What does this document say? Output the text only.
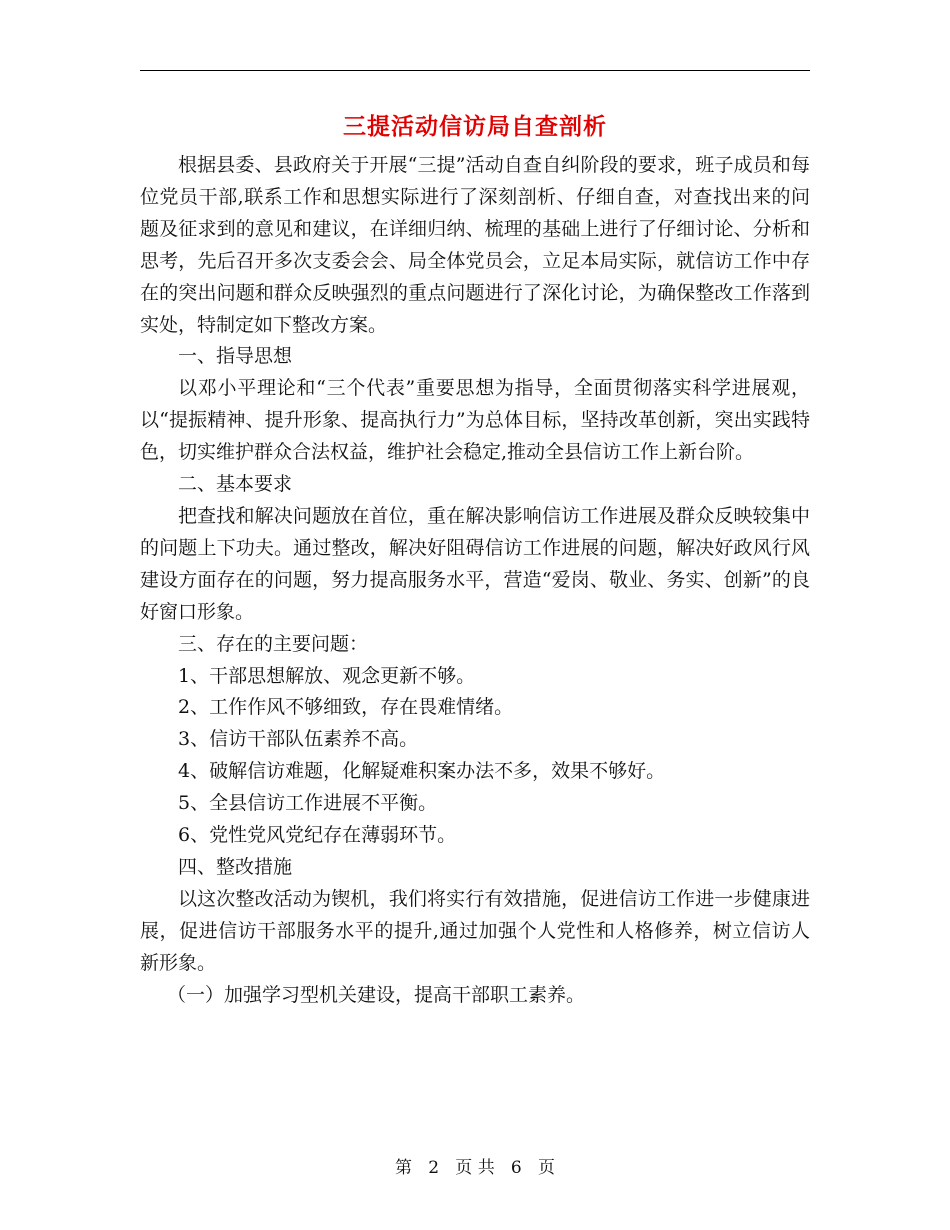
三提活动信访局自查剖析

根据县委、县政府关于开展“三提”活动自查自纠阶段的要求，班子成员和每位党员干部,联系工作和思想实际进行了深刻剖析、仔细自查，对查找出来的问题及征求到的意见和建议，在详细归纳、梳理的基础上进行了仔细讨论、分析和思考，先后召开多次支委会会、局全体党员会，立足本局实际，就信访工作中存在的突出问题和群众反映强烈的重点问题进行了深化讨论，为确保整改工作落到实处，特制定如下整改方案。

一、指导思想

以邓小平理论和“三个代表”重要思想为指导，全面贯彻落实科学进展观，以“提振精神、提升形象、提高执行力”为总体目标，坚持改革创新，突出实践特色，切实维护群众合法权益，维护社会稳定,推动全县信访工作上新台阶。

二、基本要求

把查找和解决问题放在首位，重在解决影响信访工作进展及群众反映较集中的问题上下功夫。通过整改，解决好阻碍信访工作进展的问题，解决好政风行风建设方面存在的问题，努力提高服务水平，营造“爱岗、敬业、务实、创新”的良好窗口形象。

三、存在的主要问题：

1、干部思想解放、观念更新不够。

2、工作作风不够细致，存在畏难情绪。

3、信访干部队伍素养不高。

4、破解信访难题，化解疑难积案办法不多，效果不够好。

5、全县信访工作进展不平衡。

6、党性党风党纪存在薄弱环节。

四、整改措施

以这次整改活动为锲机，我们将实行有效措施，促进信访工作进一步健康进展，促进信访干部服务水平的提升,通过加强个人党性和人格修养，树立信访人新形象。

（一）加强学习型机关建设，提高干部职工素养。

第 2 页 共 6 页
